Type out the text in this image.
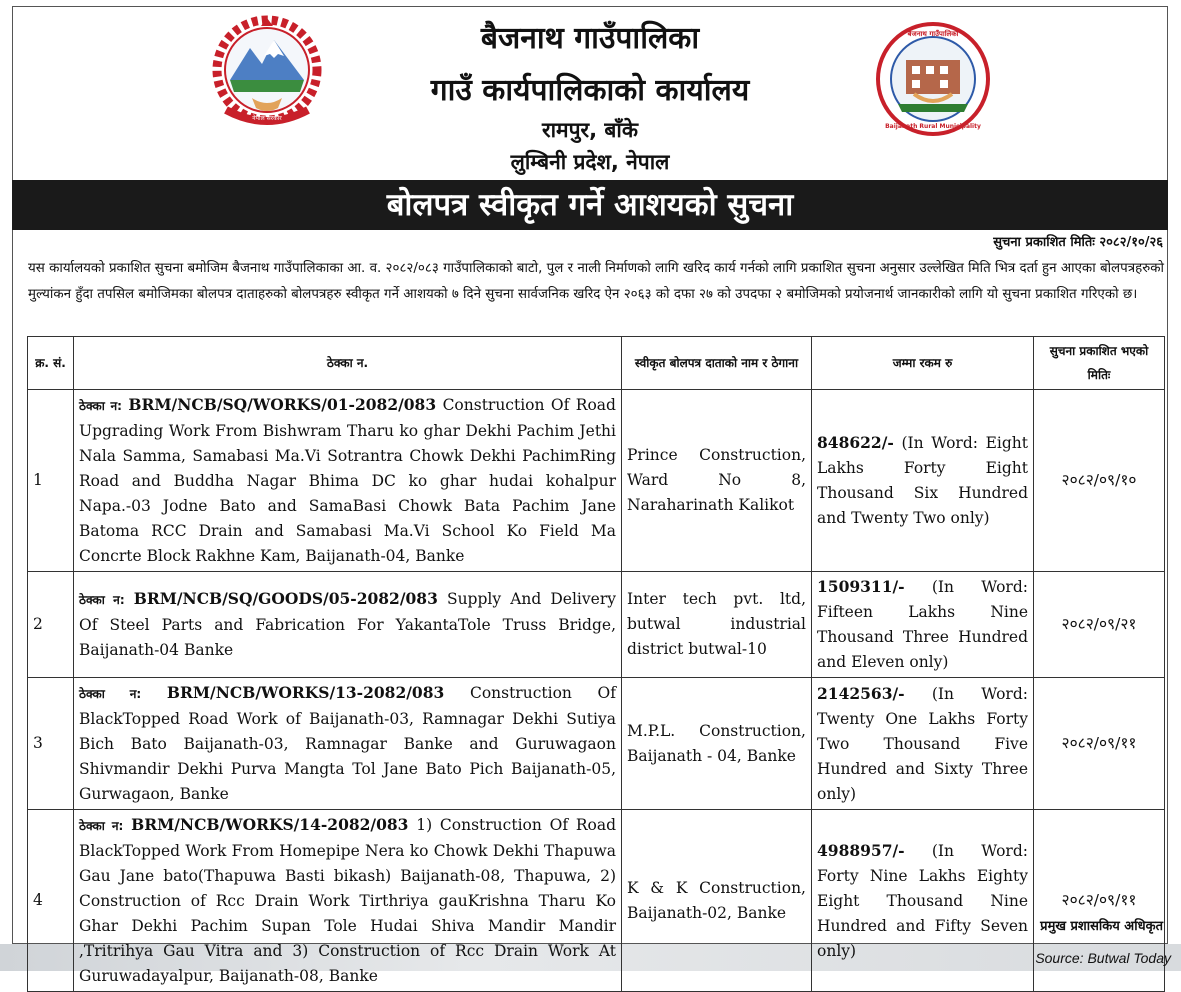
नेपाल सरकार
बैजनाथ गाउँपालिका
गाउँ कार्यपालिकाको कार्यालय
रामपुर, बाँके
लुम्बिनी प्रदेश, नेपाल
बैजनाथ गाउँपालिका
Baijanath Rural Municipality
बोलपत्र स्वीकृत गर्ने आशयको सुचना
सुचना प्रकाशित मितिः २०८२/१०/२६
यस कार्यालयको प्रकाशित सुचना बमोजिम बैजनाथ गाउँपालिकाका आ. व. २०८२/०८३ गाउँपालिकाको बाटो, पुल र नाली निर्माणको लागि खरिद कार्य गर्नको लागि प्रकाशित सुचना अनुसार उल्लेखित मिति भित्र दर्ता हुन आएका बोलपत्रहरुको मुल्यांकन हुँदा तपसिल बमोजिमका बोलपत्र दाताहरुको बोलपत्रहरु स्वीकृत गर्ने आशयको ७ दिने सुचना सार्वजनिक खरिद ऐन २०६३ को दफा २७ को उपदफा २ बमोजिमको प्रयोजनार्थ जानकारीको लागि यो सुचना प्रकाशित गरिएको छ।
क्र. सं.	ठेक्का न.	स्वीकृत बोलपत्र दाताको नाम र ठेगाना	जम्मा रकम रु	सुचना प्रकाशित भएको मितिः
1	ठेक्का न: BRM/NCB/SQ/WORKS/01-2082/083 Construction Of Road Upgrading Work From Bishwram Tharu ko ghar Dekhi Pachim Jethi Nala Samma, Samabasi Ma.Vi Sotrantra Chowk Dekhi PachimRing Road and Buddha Nagar Bhima DC ko ghar hudai kohalpur Napa.-03 Jodne Bato and SamaBasi Chowk Bata Pachim Jane Batoma RCC Drain and Samabasi Ma.Vi School Ko Field Ma Concrte Block Rakhne Kam, Baijanath-04, Banke	Prince Construction, Ward No 8, Naraharinath Kalikot	848622/- (In Word: Eight Lakhs Forty Eight Thousand Six Hundred and Twenty Two only)	२०८२/०९/१०
2	ठेक्का न: BRM/NCB/SQ/GOODS/05-2082/083 Supply And Delivery Of Steel Parts and Fabrication For YakantaTole Truss Bridge, Baijanath-04 Banke	Inter tech pvt. ltd, butwal industrial district butwal-10	1509311/- (In Word: Fifteen Lakhs Nine Thousand Three Hundred and Eleven only)	२०८२/०९/२१
3	ठेक्का न: BRM/NCB/WORKS/13-2082/083 Construction Of BlackTopped Road Work of Baijanath-03, Ramnagar Dekhi Sutiya Bich Bato Baijanath-03, Ramnagar Banke and Guruwagaon Shivmandir Dekhi Purva Mangta Tol Jane Bato Pich Baijanath-05, Gurwagaon, Banke	M.P.L. Construction, Baijanath - 04, Banke	2142563/- (In Word: Twenty One Lakhs Forty Two Thousand Five Hundred and Sixty Three only)	२०८२/०९/११
4	ठेक्का न: BRM/NCB/WORKS/14-2082/083 1) Construction Of Road BlackTopped Work From Homepipe Nera ko Chowk Dekhi Thapuwa Gau Jane bato(Thapuwa Basti bikash) Baijanath-08, Thapuwa, 2) Construction of Rcc Drain Work Tirthriya gauKrishna Tharu Ko Ghar Dekhi Pachim Supan Tole Hudai Shiva Mandir Mandir ,Tritrihya Gau Vitra and 3) Construction of Rcc Drain Work At Guruwadayalpur, Baijanath-08, Banke	K & K Construction, Baijanath-02, Banke	4988957/- (In Word: Forty Nine Lakhs Eighty Eight Thousand Nine Hundred and Fifty Seven only)	२०८२/०९/११
प्रमुख प्रशासकिय अधिकृत
Source: Butwal Today
